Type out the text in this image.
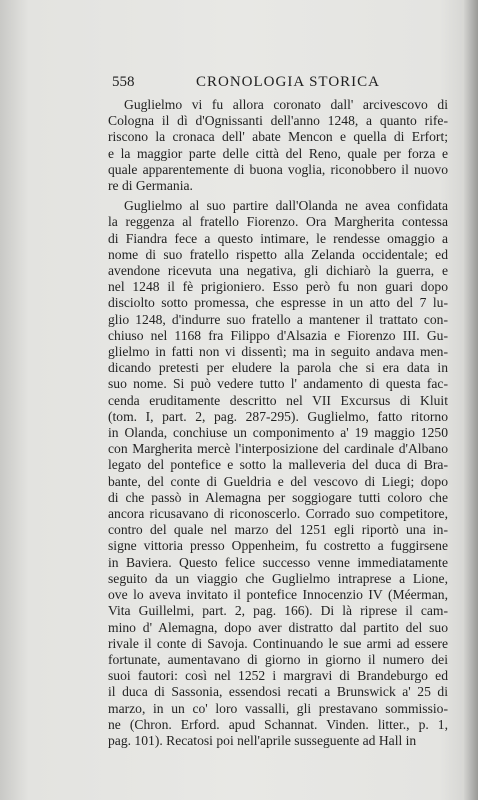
558	CRONOLOGIA STORICA
Guglielmo vi fu allora coronato dall' arcivescovo di
Cologna il dì d'Ognissanti dell'anno 1248, a quanto rife-
riscono la cronaca dell' abate Mencon e quella di Erfort;
e la maggior parte delle città del Reno, quale per forza e
quale apparentemente di buona voglia, riconobbero il nuovo
re di Germania.
Guglielmo al suo partire dall'Olanda ne avea confidata
la reggenza al fratello Fiorenzo. Ora Margherita contessa
di Fiandra fece a questo intimare, le rendesse omaggio a
nome di suo fratello rispetto alla Zelanda occidentale; ed
avendone ricevuta una negativa, gli dichiarò la guerra, e
nel 1248 il fè prigioniero. Esso però fu non guari dopo
disciolto sotto promessa, che espresse in un atto del 7 lu-
glio 1248, d'indurre suo fratello a mantener il trattato con-
chiuso nel 1168 fra Filippo d'Alsazia e Fiorenzo III. Gu-
glielmo in fatti non vi dissentì; ma in seguito andava men-
dicando pretesti per eludere la parola che si era data in
suo nome. Si può vedere tutto l' andamento di questa fac-
cenda eruditamente descritto nel VII Excursus di Kluit
(tom. I, part. 2, pag. 287-295). Guglielmo, fatto ritorno
in Olanda, conchiuse un componimento a' 19 maggio 1250
con Margherita mercè l'interposizione del cardinale d'Albano
legato del pontefice e sotto la malleveria del duca di Bra-
bante, del conte di Gueldria e del vescovo di Liegi; dopo
di che passò in Alemagna per soggiogare tutti coloro che
ancora ricusavano di riconoscerlo. Corrado suo competitore,
contro del quale nel marzo del 1251 egli riportò una in-
signe vittoria presso Oppenheim, fu costretto a fuggirsene
in Baviera. Questo felice successo venne immediatamente
seguito da un viaggio che Guglielmo intraprese a Lione,
ove lo aveva invitato il pontefice Innocenzio IV (Méerman,
Vita Guillelmi, part. 2, pag. 166). Di là riprese il cam-
mino d' Alemagna, dopo aver distratto dal partito del suo
rivale il conte di Savoja. Continuando le sue armi ad essere
fortunate, aumentavano di giorno in giorno il numero dei
suoi fautori: così nel 1252 i margravi di Brandeburgo ed
il duca di Sassonia, essendosi recati a Brunswick a' 25 di
marzo, in un co' loro vassalli, gli prestavano sommissio-
ne (Chron. Erford. apud Schannat. Vinden. litter., p. 1,
pag. 101). Recatosi poi nell'aprile susseguente ad Hall in
